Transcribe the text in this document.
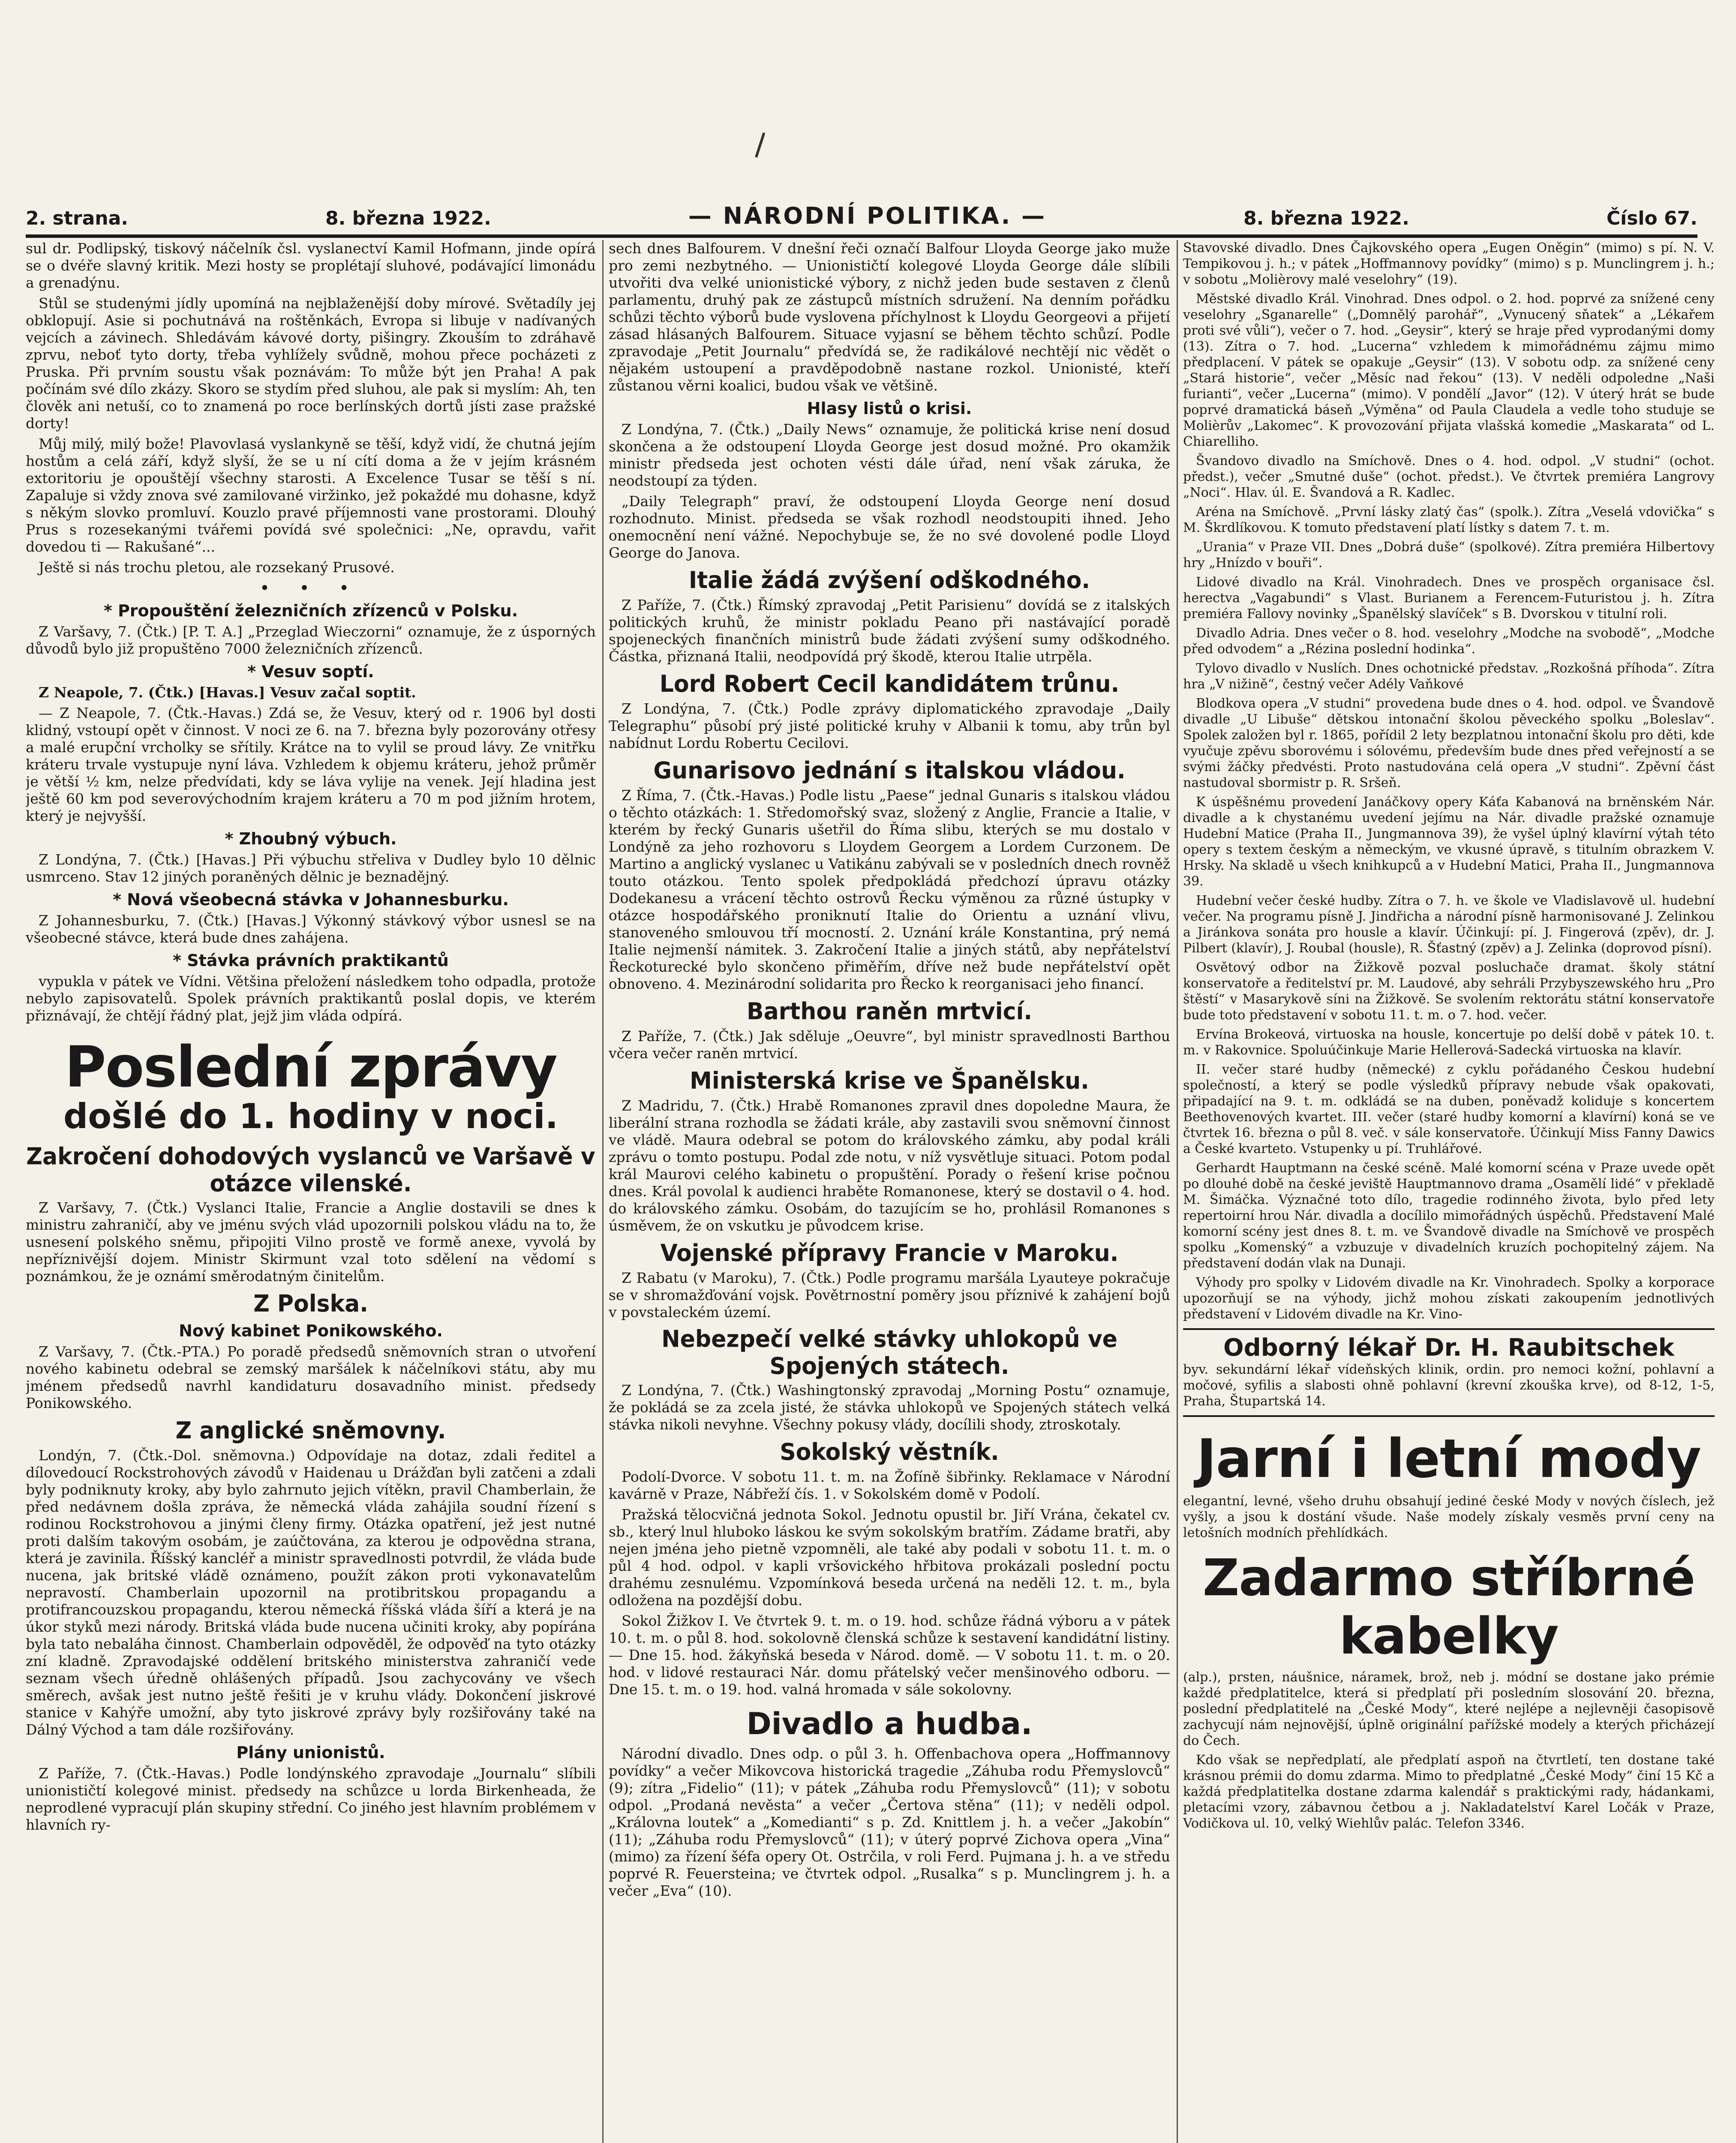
2. strana.	8. března 1922.	— NÁRODNÍ POLITIKA. —	8. března 1922.	Číslo 67.

sul dr. Podlipský, tiskový náčelník čsl. vyslanectví Kamil Hofmann, jinde opírá se o dvéře slavný kritik. Mezi hosty se proplétají sluhové, podávající limonádu a grenadýnu.

Stůl se studenými jídly upomíná na nejblaženější doby mírové. Světadíly jej obklopují. Asie si pochutnává na roštěnkách, Evropa si libuje v nadívaných vejcích a závinech. Shledávám kávové dorty, pišingry. Zkouším to zdráhavě zprvu, neboť tyto dorty, třeba vyhlížely svůdně, mohou přece pocházeti z Pruska. Při prvním soustu však poznávám: To může být jen Praha! A pak počínám své dílo zkázy. Skoro se stydím před sluhou, ale pak si myslím: Ah, ten člověk ani netuší, co to znamená po roce berlínských dortů jísti zase pražské dorty!

Můj milý, milý bože! Plavovlasá vyslankyně se těší, když vidí, že chutná jejím hostům a celá září, když slyší, že se u ní cítí doma a že v jejím krásném extoritoriu je opouštějí všechny starosti. A Excelence Tusar se těší s ní. Zapaluje si vždy znova své zamilované viržinko, jež pokaždé mu dohasne, když s někým slovko promluví. Kouzlo pravé příjemnosti vane prostorami. Dlouhý Prus s rozesekanými tvářemi povídá své společnici: „Ne, opravdu, vařit dovedou ti — Rakušané“...

Ještě si nás trochu pletou, ale rozsekaný Prusové.

• • •
* Propouštění železničních zřízenců v Polsku.

Z Varšavy, 7. (Čtk.) [P. T. A.] „Przeglad Wieczorni“ oznamuje, že z úsporných důvodů bylo již propuštěno 7000 železničních zřízenců.

* Vesuv soptí.

Z Neapole, 7. (Čtk.) [Havas.] Vesuv začal soptit.

— Z Neapole, 7. (Čtk.-Havas.) Zdá se, že Vesuv, který od r. 1906 byl dosti klidný, vstoupí opět v činnost. V noci ze 6. na 7. března byly pozorovány otřesy a malé erupční vrcholky se sřítily. Krátce na to vylil se proud lávy. Ze vnitřku kráteru trvale vystupuje nyní láva. Vzhledem k objemu kráteru, jehož průměr je větší ½ km, nelze předvídati, kdy se láva vylije na venek. Její hladina jest ještě 60 km pod severovýchodním krajem kráteru a 70 m pod jižním hrotem, který je nejvyšší.

* Zhoubný výbuch.

Z Londýna, 7. (Čtk.) [Havas.] Při výbuchu střeliva v Dudley bylo 10 dělnic usmrceno. Stav 12 jiných poraněných dělnic je beznadějný.

* Nová všeobecná stávka v Johannesburku.

Z Johannesburku, 7. (Čtk.) [Havas.] Výkonný stávkový výbor usnesl se na všeobecné stávce, která bude dnes zahájena.

* Stávka právních praktikantů

vypukla v pátek ve Vídni. Většina přeložení následkem toho odpadla, protože nebylo zapisovatelů. Spolek právních praktikantů poslal dopis, ve kterém přiznávají, že chtějí řádný plat, jejž jim vláda odpírá.

Poslední zprávy
došlé do 1. hodiny v noci.
Zakročení dohodových vyslanců ve Varšavě v otázce vilenské.

Z Varšavy, 7. (Čtk.) Vyslanci Italie, Francie a Anglie dostavili se dnes k ministru zahraničí, aby ve jménu svých vlád upozornili polskou vládu na to, že usnesení polského sněmu, připojiti Vilno prostě ve formě anexe, vyvolá by nepříznivější dojem. Ministr Skirmunt vzal toto sdělení na vědomí s poznámkou, že je oznámí směrodatným činitelům.

Z Polska.
Nový kabinet Ponikowského.

Z Varšavy, 7. (Čtk.-PTA.) Po poradě předsedů sněmovních stran o utvoření nového kabinetu odebral se zemský maršálek k náčelníkovi státu, aby mu jménem předsedů navrhl kandidaturu dosavadního minist. předsedy Ponikowského.

Z anglické sněmovny.

Londýn, 7. (Čtk.-Dol. sněmovna.) Odpovídaje na dotaz, zdali ředitel a dílovedoucí Rockstrohových závodů v Haidenau u Drážďan byli zatčeni a zdali byly podniknuty kroky, aby bylo zahrnuto jejich vítěkn, pravil Chamberlain, že před nedávnem došla zpráva, že německá vláda zahájila soudní řízení s rodinou Rockstrohovou a jinými členy firmy. Otázka opatření, jež jest nutné proti dalším takovým osobám, je zaúčtována, za kterou je odpovědna strana, která je zavinila. Říšský kancléř a ministr spravedlnosti potvrdil, že vláda bude nucena, jak britské vládě oznámeno, použít zákon proti vykonavatelům nepravostí. Chamberlain upozornil na protibritskou propagandu a protifrancouzskou propagandu, kterou německá říšská vláda šíří a která je na úkor styků mezi národy. Britská vláda bude nucena učiniti kroky, aby popírána byla tato nebaláha činnost. Chamberlain odpověděl, že odpověď na tyto otázky zní kladně. Zpravodajské oddělení britského ministerstva zahraničí vede seznam všech úředně ohlášených případů. Jsou zachycovány ve všech směrech, avšak jest nutno ještě řešiti je v kruhu vlády. Dokončení jiskrové stanice v Kahýře umožní, aby tyto jiskrové zprávy byly rozšiřovány také na Dálný Východ a tam dále rozšiřovány.

Plány unionistů.

Z Paříže, 7. (Čtk.-Havas.) Podle londýnského zpravodaje „Journalu“ slíbili unionističtí kolegové minist. předsedy na schůzce u lorda Birkenheada, že neprodlené vypracují plán skupiny střední. Co jiného jest hlavním problémem v hlavních ry-

sech dnes Balfourem. V dnešní řeči označí Balfour Lloyda George jako muže pro zemi nezbytného. — Unionističtí kolegové Lloyda George dále slíbili utvořiti dva velké unionistické výbory, z nichž jeden bude sestaven z členů parlamentu, druhý pak ze zástupců místních sdružení. Na denním pořádku schůzi těchto výborů bude vyslovena příchylnost k Lloydu Georgeovi a přijetí zásad hlásaných Balfourem. Situace vyjasní se během těchto schůzí. Podle zpravodaje „Petit Journalu“ předvídá se, že radikálové nechtějí nic vědět o nějakém ustoupení a pravděpodobně nastane rozkol. Unionisté, kteří zůstanou věrni koalici, budou však ve většině.

Hlasy listů o krisi.

Z Londýna, 7. (Čtk.) „Daily News“ oznamuje, že politická krise není dosud skončena a že odstoupení Lloyda George jest dosud možné. Pro okamžik ministr předseda jest ochoten vésti dále úřad, není však záruka, že neodstoupí za týden.

„Daily Telegraph“ praví, že odstoupení Lloyda George není dosud rozhodnuto. Minist. předseda se však rozhodl neodstoupiti ihned. Jeho onemocnění není vážné. Nepochybuje se, že no své dovolené podle Lloyd George do Janova.

Italie žádá zvýšení odškodného.

Z Paříže, 7. (Čtk.) Římský zpravodaj „Petit Parisienu“ dovídá se z italských politických kruhů, že ministr pokladu Peano při nastávající poradě spojeneckých finančních ministrů bude žádati zvýšení sumy odškodného. Částka, přiznaná Italii, neodpovídá prý škodě, kterou Italie utrpěla.

Lord Robert Cecil kandidátem trůnu.

Z Londýna, 7. (Čtk.) Podle zprávy diplomatického zpravodaje „Daily Telegraphu“ působí prý jisté politické kruhy v Albanii k tomu, aby trůn byl nabídnut Lordu Robertu Cecilovi.

Gunarisovo jednání s italskou vládou.

Z Říma, 7. (Čtk.-Havas.) Podle listu „Paese“ jednal Gunaris s italskou vládou o těchto otázkách: 1. Středomořský svaz, složený z Anglie, Francie a Italie, v kterém by řecký Gunaris ušetřil do Říma slibu, kterých se mu dostalo v Londýně za jeho rozhovoru s Lloydem Georgem a Lordem Curzonem. De Martino a anglický vyslanec u Vatikánu zabývali se v posledních dnech rovněž touto otázkou. Tento spolek předpokládá předchozí úpravu otázky Dodekanesu a vrácení těchto ostrovů Řecku výměnou za různé ústupky v otázce hospodářského proniknutí Italie do Orientu a uznání vlivu, stanoveného smlouvou tří mocností. 2. Uznání krále Konstantina, prý nemá Italie nejmenší námitek. 3. Zakročení Italie a jiných států, aby nepřátelství Řeckoturecké bylo skončeno přiměřím, dříve než bude nepřátelství opět obnoveno. 4. Mezinárodní solidarita pro Řecko k reorganisaci jeho financí.

Barthou raněn mrtvicí.

Z Paříže, 7. (Čtk.) Jak sděluje „Oeuvre“, byl ministr spravedlnosti Barthou včera večer raněn mrtvicí.

Ministerská krise ve Španělsku.

Z Madridu, 7. (Čtk.) Hrabě Romanones zpravil dnes dopoledne Maura, že liberální strana rozhodla se žádati krále, aby zastavili svou sněmovní činnost ve vládě. Maura odebral se potom do královského zámku, aby podal králi zprávu o tomto postupu. Podal zde notu, v níž vysvětluje situaci. Potom podal král Maurovi celého kabinetu o propuštění. Porady o řešení krise počnou dnes. Král povolal k audienci hraběte Romanonese, který se dostavil o 4. hod. do královského zámku. Osobám, do tazujícím se ho, prohlásil Romanones s úsměvem, že on vskutku je původcem krise.

Vojenské přípravy Francie v Maroku.

Z Rabatu (v Maroku), 7. (Čtk.) Podle programu maršála Lyauteye pokračuje se v shromažďování vojsk. Povětrnostní poměry jsou příznivé k zahájení bojů v povstaleckém území.

Nebezpečí velké stávky uhlokopů ve Spojených státech.

Z Londýna, 7. (Čtk.) Washingtonský zpravodaj „Morning Postu“ oznamuje, že pokládá se za zcela jisté, že stávka uhlokopů ve Spojených státech velká stávka nikoli nevyhne. Všechny pokusy vlády, docílili shody, ztroskotaly.

Sokolský věstník.

Podolí-Dvorce. V sobotu 11. t. m. na Žofíně šibřinky. Reklamace v Národní kavárně v Praze, Nábřeží čís. 1. v Sokolském domě v Podolí.

Pražská tělocvičná jednota Sokol. Jednotu opustil br. Jiří Vrána, čekatel cv. sb., který lnul hluboko láskou ke svým sokolským bratřím. Zádame bratři, aby nejen jména jeho pietně vzpomněli, ale také aby podali v sobotu 11. t. m. o půl 4 hod. odpol. v kapli vršovického hřbitova prokázali poslední poctu drahému zesnulému. Vzpomínková beseda určená na neděli 12. t. m., byla odložena na pozdější dobu.

Sokol Žižkov I. Ve čtvrtek 9. t. m. o 19. hod. schůze řádná výboru a v pátek 10. t. m. o půl 8. hod. sokolovně členská schůze k sestavení kandidátní listiny. — Dne 15. hod. žákyňská beseda v Národ. domě. — V sobotu 11. t. m. o 20. hod. v lidové restauraci Nár. domu přátelský večer menšinového odboru. — Dne 15. t. m. o 19. hod. valná hromada v sále sokolovny.

Divadlo a hudba.

Národní divadlo. Dnes odp. o půl 3. h. Offenbachova opera „Hoffmannovy povídky“ a večer Mikovcova historická tragedie „Záhuba rodu Přemyslovců“ (9); zítra „Fidelio“ (11); v pátek „Záhuba rodu Přemyslovců“ (11); v sobotu odpol. „Prodaná nevěsta“ a večer „Čertova stěna“ (11); v neděli odpol. „Královna loutek“ a „Komedianti“ s p. Zd. Knittlem j. h. a večer „Jakobín“ (11); „Záhuba rodu Přemyslovců“ (11); v úterý poprvé Zichova opera „Vina“ (mimo) za řízení šéfa opery Ot. Ostrčila, v roli Ferd. Pujmana j. h. a ve středu poprvé R. Feuersteina; ve čtvrtek odpol. „Rusalka“ s p. Munclingrem j. h. a večer „Eva“ (10).

Stavovské divadlo. Dnes Čajkovského opera „Eugen Oněgin“ (mimo) s pí. N. V. Tempikovou j. h.; v pátek „Hoffmannovy povídky“ (mimo) s p. Munclingrem j. h.; v sobotu „Molièrovy malé veselohry“ (19).

Městské divadlo Král. Vinohrad. Dnes odpol. o 2. hod. poprvé za snížené ceny veselohry „Sganarelle“ („Domnělý parohář“, „Vynucený sňatek“ a „Lékařem proti své vůli“), večer o 7. hod. „Geysir“, který se hraje před vyprodanými domy (13). Zítra o 7. hod. „Lucerna“ vzhledem k mimořádnému zájmu mimo předplacení. V pátek se opakuje „Geysir“ (13). V sobotu odp. za snížené ceny „Stará historie“, večer „Měsíc nad řekou“ (13). V neděli odpoledne „Naši furianti“, večer „Lucerna“ (mimo). V pondělí „Javor“ (12). V úterý hrát se bude poprvé dramatická báseň „Výměna“ od Paula Claudela a vedle toho studuje se Molièrův „Lakomec“. K provozování přijata vlašská komedie „Maskarata“ od L. Chiarelliho.

Švandovo divadlo na Smíchově. Dnes o 4. hod. odpol. „V studni“ (ochot. předst.), večer „Smutné duše“ (ochot. předst.). Ve čtvrtek premiéra Langrovy „Noci“. Hlav. úl. E. Švandová a R. Kadlec.

Aréna na Smíchově. „První lásky zlatý čas“ (spolk.). Zítra „Veselá vdovička“ s M. Škrdlíkovou. K tomuto představení platí lístky s datem 7. t. m.

„Urania“ v Praze VII. Dnes „Dobrá duše“ (spolkové). Zítra premiéra Hilbertovy hry „Hnízdo v bouři“.

Lidové divadlo na Král. Vinohradech. Dnes ve prospěch organisace čsl. herectva „Vagabundi“ s Vlast. Burianem a Ferencem-Futuristou j. h. Zítra premiéra Fallovy novinky „Španělský slavíček“ s B. Dvorskou v titulní roli.

Divadlo Adria. Dnes večer o 8. hod. veselohry „Modche na svobodě“, „Modche před odvodem“ a „Rézina poslední hodinka“.

Tylovo divadlo v Nuslích. Dnes ochotnické představ. „Rozkošná příhoda“. Zítra hra „V nižině“, čestný večer Adély Vaňkové

Blodkova opera „V studni“ provedena bude dnes o 4. hod. odpol. ve Švandově divadle „U Libuše“ dětskou intonační školou pěveckého spolku „Boleslav“. Spolek založen byl r. 1865, pořídil 2 lety bezplatnou intonační školu pro děti, kde vyučuje zpěvu sborovému i sólovému, především bude dnes před veřejností a se svými žáčky předvésti. Proto nastudována celá opera „V studni“. Zpěvní část nastudoval sbormistr p. R. Sršeň.

K úspěšnému provedení Janáčkovy opery Káťa Kabanová na brněnském Nár. divadle a k chystanému uvedení jejímu na Nár. divadle pražské oznamuje Hudební Matice (Praha II., Jungmannova 39), že vyšel úplný klavírní výtah této opery s textem českým a německým, ve vkusné úpravě, s titulním obrazkem V. Hrsky. Na skladě u všech knihkupců a v Hudební Matici, Praha II., Jungmannova 39.

Hudební večer české hudby. Zítra o 7. h. ve škole ve Vladislavově ul. hudební večer. Na programu písně J. Jindřicha a národní písně harmonisované J. Zelinkou a Jiránkova sonáta pro housle a klavír. Účinkují: pí. J. Fingerová (zpěv), dr. J. Pilbert (klavír), J. Roubal (housle), R. Šťastný (zpěv) a J. Zelinka (doprovod písní).

Osvětový odbor na Žižkově pozval posluchače dramat. školy státní konservatoře a ředitelství pr. M. Laudové, aby sehráli Przybyszewského hru „Pro štěstí“ v Masarykově síni na Žižkově. Se svolením rektorátu státní konservatoře bude toto představení v sobotu 11. t. m. o 7. hod. večer.

Ervína Brokeová, virtuoska na housle, koncertuje po delší době v pátek 10. t. m. v Rakovnice. Spoluúčinkuje Marie Hellerová-Sadecká virtuoska na klavír.

II. večer staré hudby (německé) z cyklu pořádaného Českou hudební společností, a který se podle výsledků přípravy nebude však opakovati, připadající na 9. t. m. odkládá se na duben, poněvadž koliduje s koncertem Beethovenových kvartet. III. večer (staré hudby komorní a klavírní) koná se ve čtvrtek 16. března o půl 8. več. v sále konservatoře. Účinkují Miss Fanny Dawics a České kvarteto. Vstupenky u pí. Truhlářové.

Gerhardt Hauptmann na české scéně. Malé komorní scéna v Praze uvede opět po dlouhé době na české jeviště Hauptmannovo drama „Osamělí lidé“ v překladě M. Šimáčka. Význačné toto dílo, tragedie rodinného života, bylo před lety repertoirní hrou Nár. divadla a docílilo mimořádných úspěchů. Představení Malé komorní scény jest dnes 8. t. m. ve Švandově divadle na Smíchově ve prospěch spolku „Komenský“ a vzbuzuje v divadelních kruzích pochopitelný zájem. Na představení dodán vlak na Dunaji.

Výhody pro spolky v Lidovém divadle na Kr. Vinohradech. Spolky a korporace upozorňují se na výhody, jichž mohou získati zakoupením jednotlivých představení v Lidovém divadle na Kr. Vino-

Odborný lékař Dr. H. Raubitschek

byv. sekundární lékař vídeňských klinik, ordin. pro nemoci kožní, pohlavní a močové, syfilis a slabosti ohně pohlavní (krevní zkouška krve), od 8-12, 1-5, Praha, Štupartská 14.

Jarní i letní mody

elegantní, levné, všeho druhu obsahují jediné české Mody v nových číslech, jež vyšly, a jsou k dostání všude. Naše modely získaly vesměs první ceny na letošních modních přehlídkách.

Zadarmo stříbrné kabelky

(alp.), prsten, náušnice, náramek, brož, neb j. módní se dostane jako prémie každé předplatitelce, která si předplatí při posledním slosování 20. března, poslední předplatitelé na „České Mody“, které nejlépe a nejlevněji časopisově zachycují nám nejnovější, úplně originální pařížské modely a kterých přicházejí do Čech.

Kdo však se nepředplatí, ale předplatí aspoň na čtvrtletí, ten dostane také krásnou prémii do domu zdarma. Mimo to předplatné „České Mody“ činí 15 Kč a každá předplatitelka dostane zdarma kalendář s praktickými rady, hádankami, pletacími vzory, zábavnou četbou a j. Nakladatelství Karel Ločák v Praze, Vodičkova ul. 10, velký Wiehlův palác. Telefon 3346.
